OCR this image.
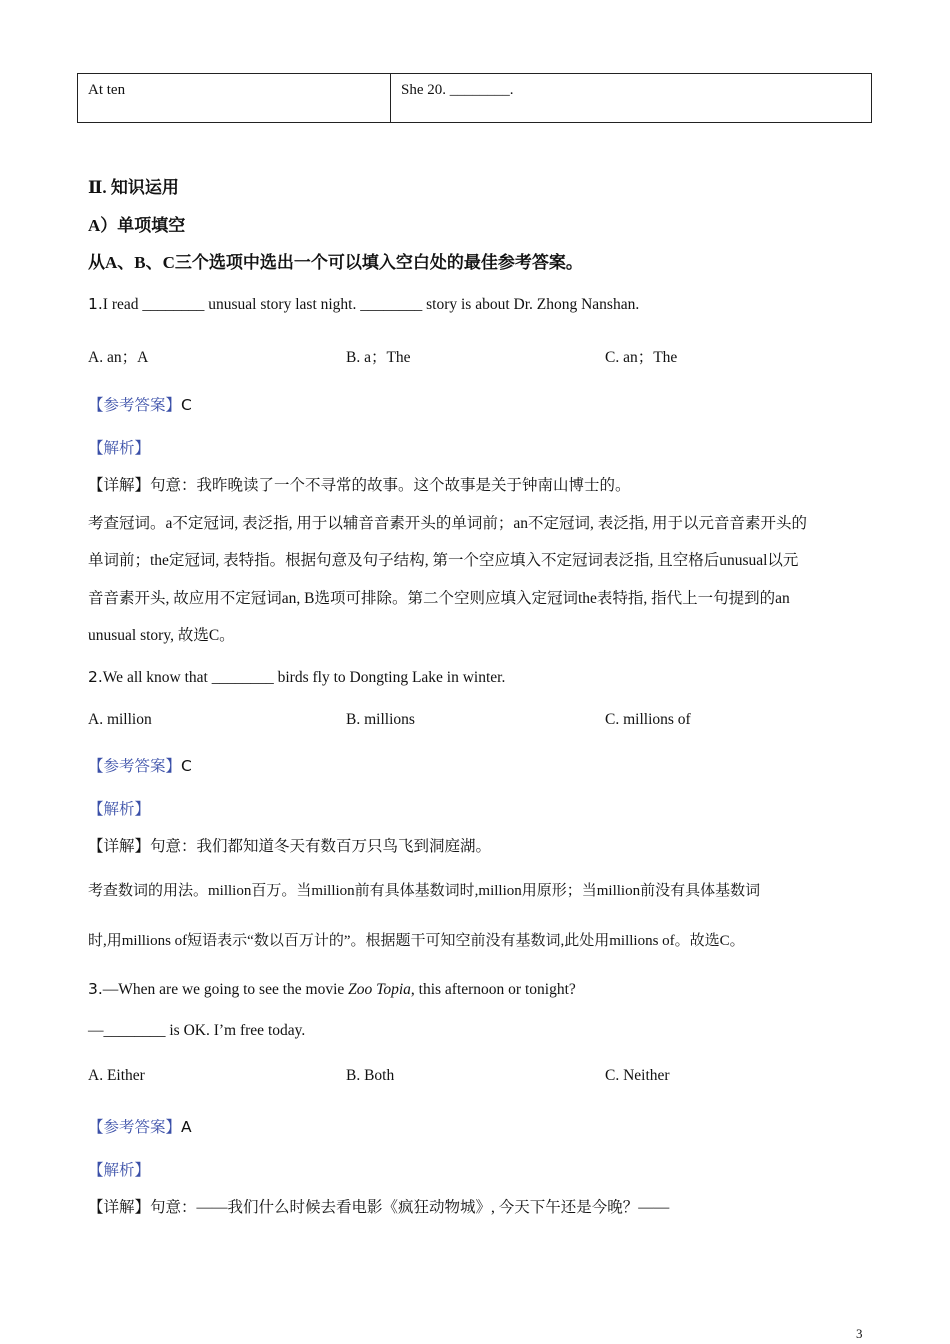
At ten	She 20. ________.
Ⅱ. 知识运用
A）单项填空
从A、B、C三个选项中选出一个可以填入空白处的最佳参考答案。
1.I read ________ unusual story last night. ________ story is about Dr. Zhong Nanshan.
A. an；A	B. a；The	C. an；The
【参考答案】C
【解析】
【详解】句意：我昨晚读了一个不寻常的故事。这个故事是关于钟南山博士的。
考查冠词。a不定冠词, 表泛指, 用于以辅音音素开头的单词前；an不定冠词, 表泛指, 用于以元音音素开头的
单词前；the定冠词, 表特指。根据句意及句子结构, 第一个空应填入不定冠词表泛指, 且空格后unusual以元
音音素开头, 故应用不定冠词an, B选项可排除。第二个空则应填入定冠词the表特指, 指代上一句提到的an
unusual story, 故选C。
2.We all know that ________ birds fly to Dongting Lake in winter.
A. million	B. millions	C. millions of
【参考答案】C
【解析】
【详解】句意：我们都知道冬天有数百万只鸟飞到洞庭湖。
考查数词的用法。million百万。当million前有具体基数词时,million用原形；当million前没有具体基数词
时,用millions of短语表示“数以百万计的”。根据题干可知空前没有基数词,此处用millions of。故选C。
3.—When are we going to see the movie Zoo Topia, this afternoon or tonight?
—________ is OK. I’m free today.
A. Either	B. Both	C. Neither
【参考答案】A
【解析】
【详解】句意：——我们什么时候去看电影《疯狂动物城》, 今天下午还是今晚？——
3
